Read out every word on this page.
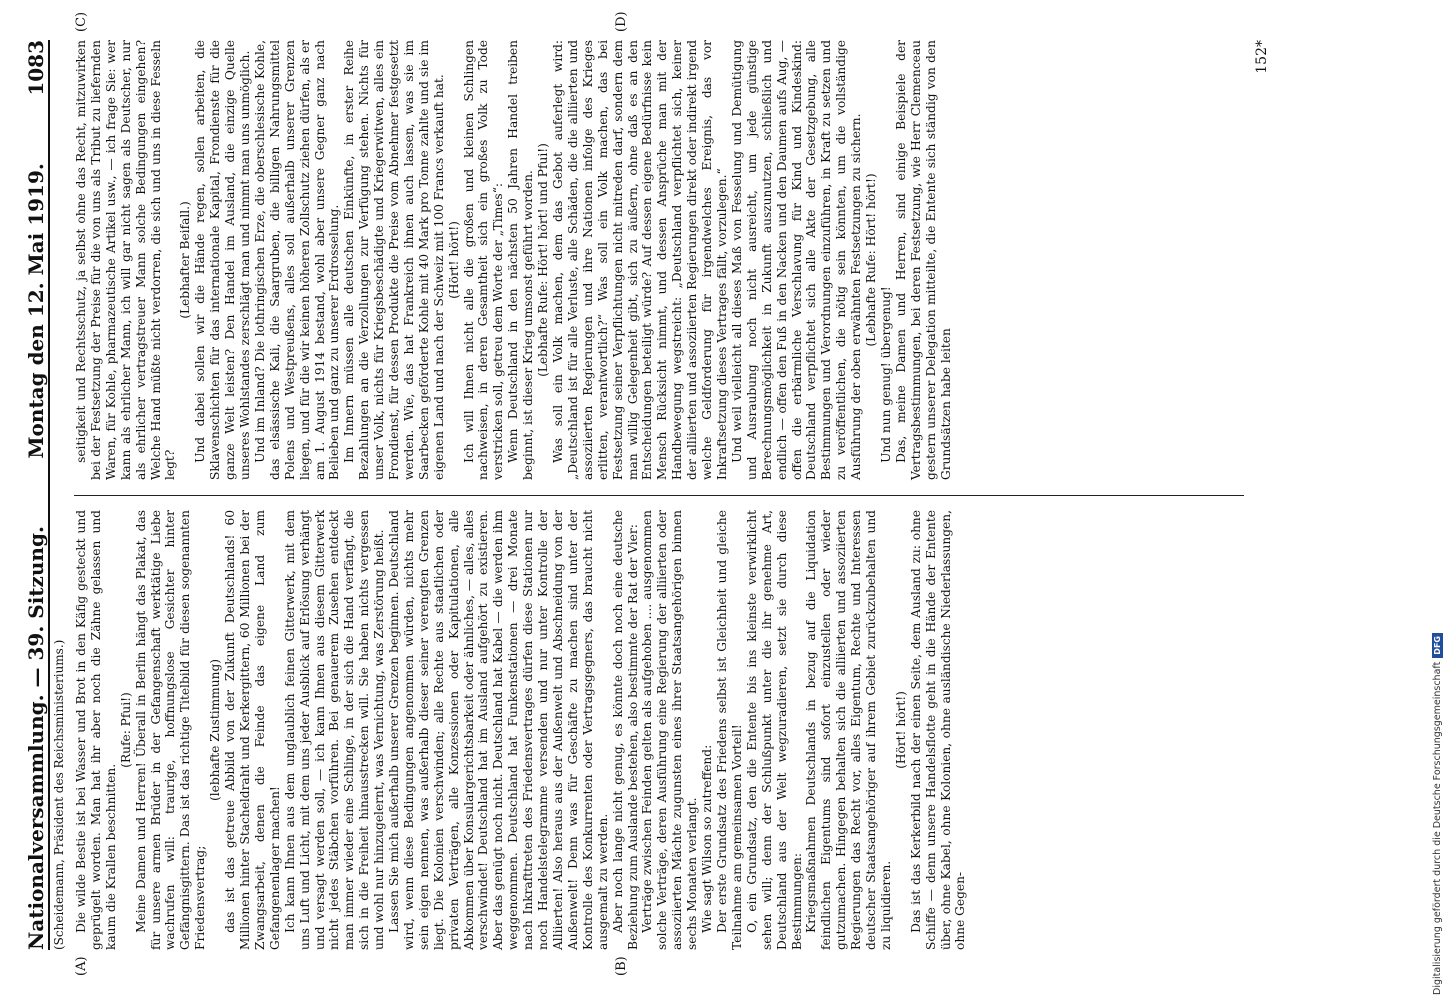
Nationalversammlung. — 39. Sitzung.
Montag den 12. Mai 1919.
1083
(Scheidemann, Präsident des Reichsministeriums.)
(A)	(B)
(C)	(D)

Die wilde Bestie ist bei Wasser und Brot in den Käfig gesteckt und geprügelt worden. Man hat ihr aber noch die Zähne gelassen und kaum die Krallen beschnitten.

(Rufe: Pfui!) Meine Damen und Herren! Überall in Berlin hängt das Plakat, das für unsere armen Brüder in der Gefangenschaft werktätige Liebe wachrufen will: traurige, hoffnungslose Gesichter hinter Gefängnisgittern. Das ist das richtige Titelbild für diesen sogenannten Friedensvertrag;

(lebhafte Zustimmung) das ist das getreue Abbild von der Zukunft Deutschlands! 60 Millionen hinter Stacheldraht und Kerkergittern, 60 Millionen bei der Zwangsarbeit, denen die Feinde das eigene Land zum Gefangenenlager machen! Ich kann Ihnen aus dem unglaublich feinen Gitterwerk, mit dem uns Luft und Licht, mit dem uns jeder Ausblick auf Erlösung verhängt und versagt werden soll, — ich kann Ihnen aus diesem Gitterwerk nicht jedes Stäbchen vorführen. Bei genauerem Zusehen entdeckt man immer wieder eine Schlinge, in der sich die Hand verfängt, die sich in die Freiheit hinausstrecken will. Sie haben nichts vergessen und wohl nur hinzugelernt, was Vernichtung, was Zerstörung heißt. Lassen Sie mich außerhalb unserer Grenzen beginnen. Deutschland wird, wenn diese Bedingungen angenommen würden, nichts mehr sein eigen nennen, was außerhalb dieser seiner verengten Grenzen liegt. Die Kolonien verschwinden; alle Rechte aus staatlichen oder privaten Verträgen, alle Konzessionen oder Kapitulationen, alle Abkommen über Konsulargerichtsbarkeit oder ähnliches, — alles, alles verschwindet! Deutschland hat im Ausland aufgehört zu existieren. Aber das genügt noch nicht. Deutschland hat Kabel — die werden ihm weggenommen. Deutschland hat Funkenstationen — drei Monate nach Inkrafttreten des Friedensvertrages dürfen diese Stationen nur noch Handelstelegramme versenden und nur unter Kontrolle der Alliierten! Also heraus aus der Außenwelt und Abschneidung von der Außenwelt! Denn was für Geschäfte zu machen sind unter der Kontrolle des Konkurrenten oder Vertragsgegners, das braucht nicht ausgemalt zu werden. Aber noch lange nicht genug, es könnte doch noch eine deutsche Beziehung zum Auslande bestehen, also bestimmte der Rat der Vier: Verträge zwischen Feinden gelten als aufgehoben .... ausgenommen solche Verträge, deren Ausführung eine Regierung der alliierten oder assoziierten Mächte zugunsten eines ihrer Staatsangehörigen binnen sechs Monaten verlangt. Wie sagt Wilson so zutreffend: Der erste Grundsatz des Friedens selbst ist Gleichheit und gleiche Teilnahme am gemeinsamen Vorteil! O, ein Grundsatz, den die Entente bis ins kleinste verwirklicht sehen will; denn der Schlußpunkt unter die ihr genehme Art, Deutschland aus der Welt wegzuradieren, setzt sie durch diese Bestimmungen: Kriegsmaßnahmen Deutschlands in bezug auf die Liquidation feindlichen Eigentums sind sofort einzustellen oder wieder gutzumachen. Hingegen behalten sich die alliierten und assoziierten Regierungen das Recht vor, alles Eigentum, Rechte und Interessen deutscher Staatsangehöriger auf ihrem Gebiet zurückzubehalten und zu liquidieren.

(Hört! hört!) Das ist das Kerkerbild nach der einen Seite, dem Ausland zu: ohne Schiffe — denn unsere Handelsflotte geht in die Hände der Entente über, ohne Kabel, ohne Kolonien, ohne ausländische Niederlassungen, ohne Gegen-

seitigkeit und Rechtsschutz, ja selbst ohne das Recht, mitzuwirken bei der Festsetzung der Preise für die von uns als Tribut zu liefernden Waren, für Kohle, pharmazeutische Artikel usw., — ich frage Sie: wer kann als ehrlicher Mann, ich will gar nicht sagen als Deutscher, nur als ehrlicher vertragstreuer Mann solche Bedingungen eingehen? Welche Hand müßte nicht verdorren, die sich und uns in diese Fesseln legt?

(Lebhafter Beifall.) Und dabei sollen wir die Hände regen, sollen arbeiten, die Sklavenschichten für das internationale Kapital, Frondienste für die ganze Welt leisten? Den Handel im Ausland, die einzige Quelle unseres Wohlstandes zerschlägt man und nimmt man uns unmöglich. Und im Inland? Die lothringischen Erze, die oberschlesische Kohle, das elsässische Kali, die Saargruben, die billigen Nahrungsmittel Polens und Westpreußens, alles soll außerhalb unserer Grenzen liegen, und für die wir keinen höheren Zollschutz ziehen dürfen, als er am 1. August 1914 bestand, wohl aber unsere Gegner ganz nach Belieben und ganz zu unserer Erdrosselung. Im Innern müssen alle deutschen Einkünfte, in erster Reihe Bezahlungen an die Verzollungen zur Verfügung stehen. Nichts für unser Volk, nichts für Kriegsbeschädigte und Kriegerwitwen, alles ein Frondienst, für dessen Produkte die Preise vom Abnehmer festgesetzt werden. Wie, das hat Frankreich ihnen auch lassen, was sie im Saarbecken geförderte Kohle mit 40 Mark pro Tonne zahlte und sie im eigenen Land und nach der Schweiz mit 100 Francs verkauft hat. (Hört! hört!) Ich will Ihnen nicht alle die großen und kleinen Schlingen nachweisen, in deren Gesamtheit sich ein großes Volk zu Tode verstricken soll, getreu dem Worte der „Times“: Wenn Deutschland in den nächsten 50 Jahren Handel treiben beginnt, ist dieser Krieg umsonst geführt worden. (Lebhafte Rufe: Hört! hört! und Pfui!) Was soll ein Volk machen, dem das Gebot auferlegt wird: „Deutschland ist für alle Verluste, alle Schäden, die die alliierten und assoziierten Regierungen und ihre Nationen infolge des Krieges erlitten, verantwortlich?“ Was soll ein Volk machen, das bei Festsetzung seiner Verpflichtungen nicht mitreden darf, sondern dem man willig Gelegenheit gibt, sich zu äußern, ohne daß es an den Entscheidungen beteiligt würde? Auf dessen eigene Bedürfnisse kein Mensch Rücksicht nimmt, und dessen Ansprüche man mit der Handbewegung wegstreicht: „Deutschland verpflichtet sich, keiner der alliierten und assoziierten Regierungen direkt oder indirekt irgend welche Geldforderung für irgendwelches Ereignis, das vor Inkraftsetzung dieses Vertrages fällt, vorzulegen.“ Und weil vielleicht all dieses Maß von Fesselung und Demütigung und Ausraubung noch nicht ausreicht, um jede günstige Berechnungsmöglichkeit in Zukunft auszunutzen, schließlich und endlich — offen den Fuß in den Nacken und den Daumen aufs Aug, — offen die erbärmliche Verschlavung für Kind und Kindeskind: Deutschland verpflichtet sich alle Akte der Gesetzgebung, alle Bestimmungen und Verordnungen einzuführen, in Kraft zu setzen und zu veröffentlichen, die nötig sein könnten, um die vollständige Ausführung der oben erwähnten Festsetzungen zu sichern. (Lebhafte Rufe: Hört! hört!)

Und nun genug! übergenug! Das, meine Damen und Herren, sind einige Beispiele der Vertragsbestimmungen, bei deren Festsetzung, wie Herr Clemenceau gestern unserer Delegation mitteilte, die Entente sich ständig von den Grundsätzen habe leiten

152*
Digitalisierung gefördert durch die Deutsche Forschungsgemeinschaft
DFG
